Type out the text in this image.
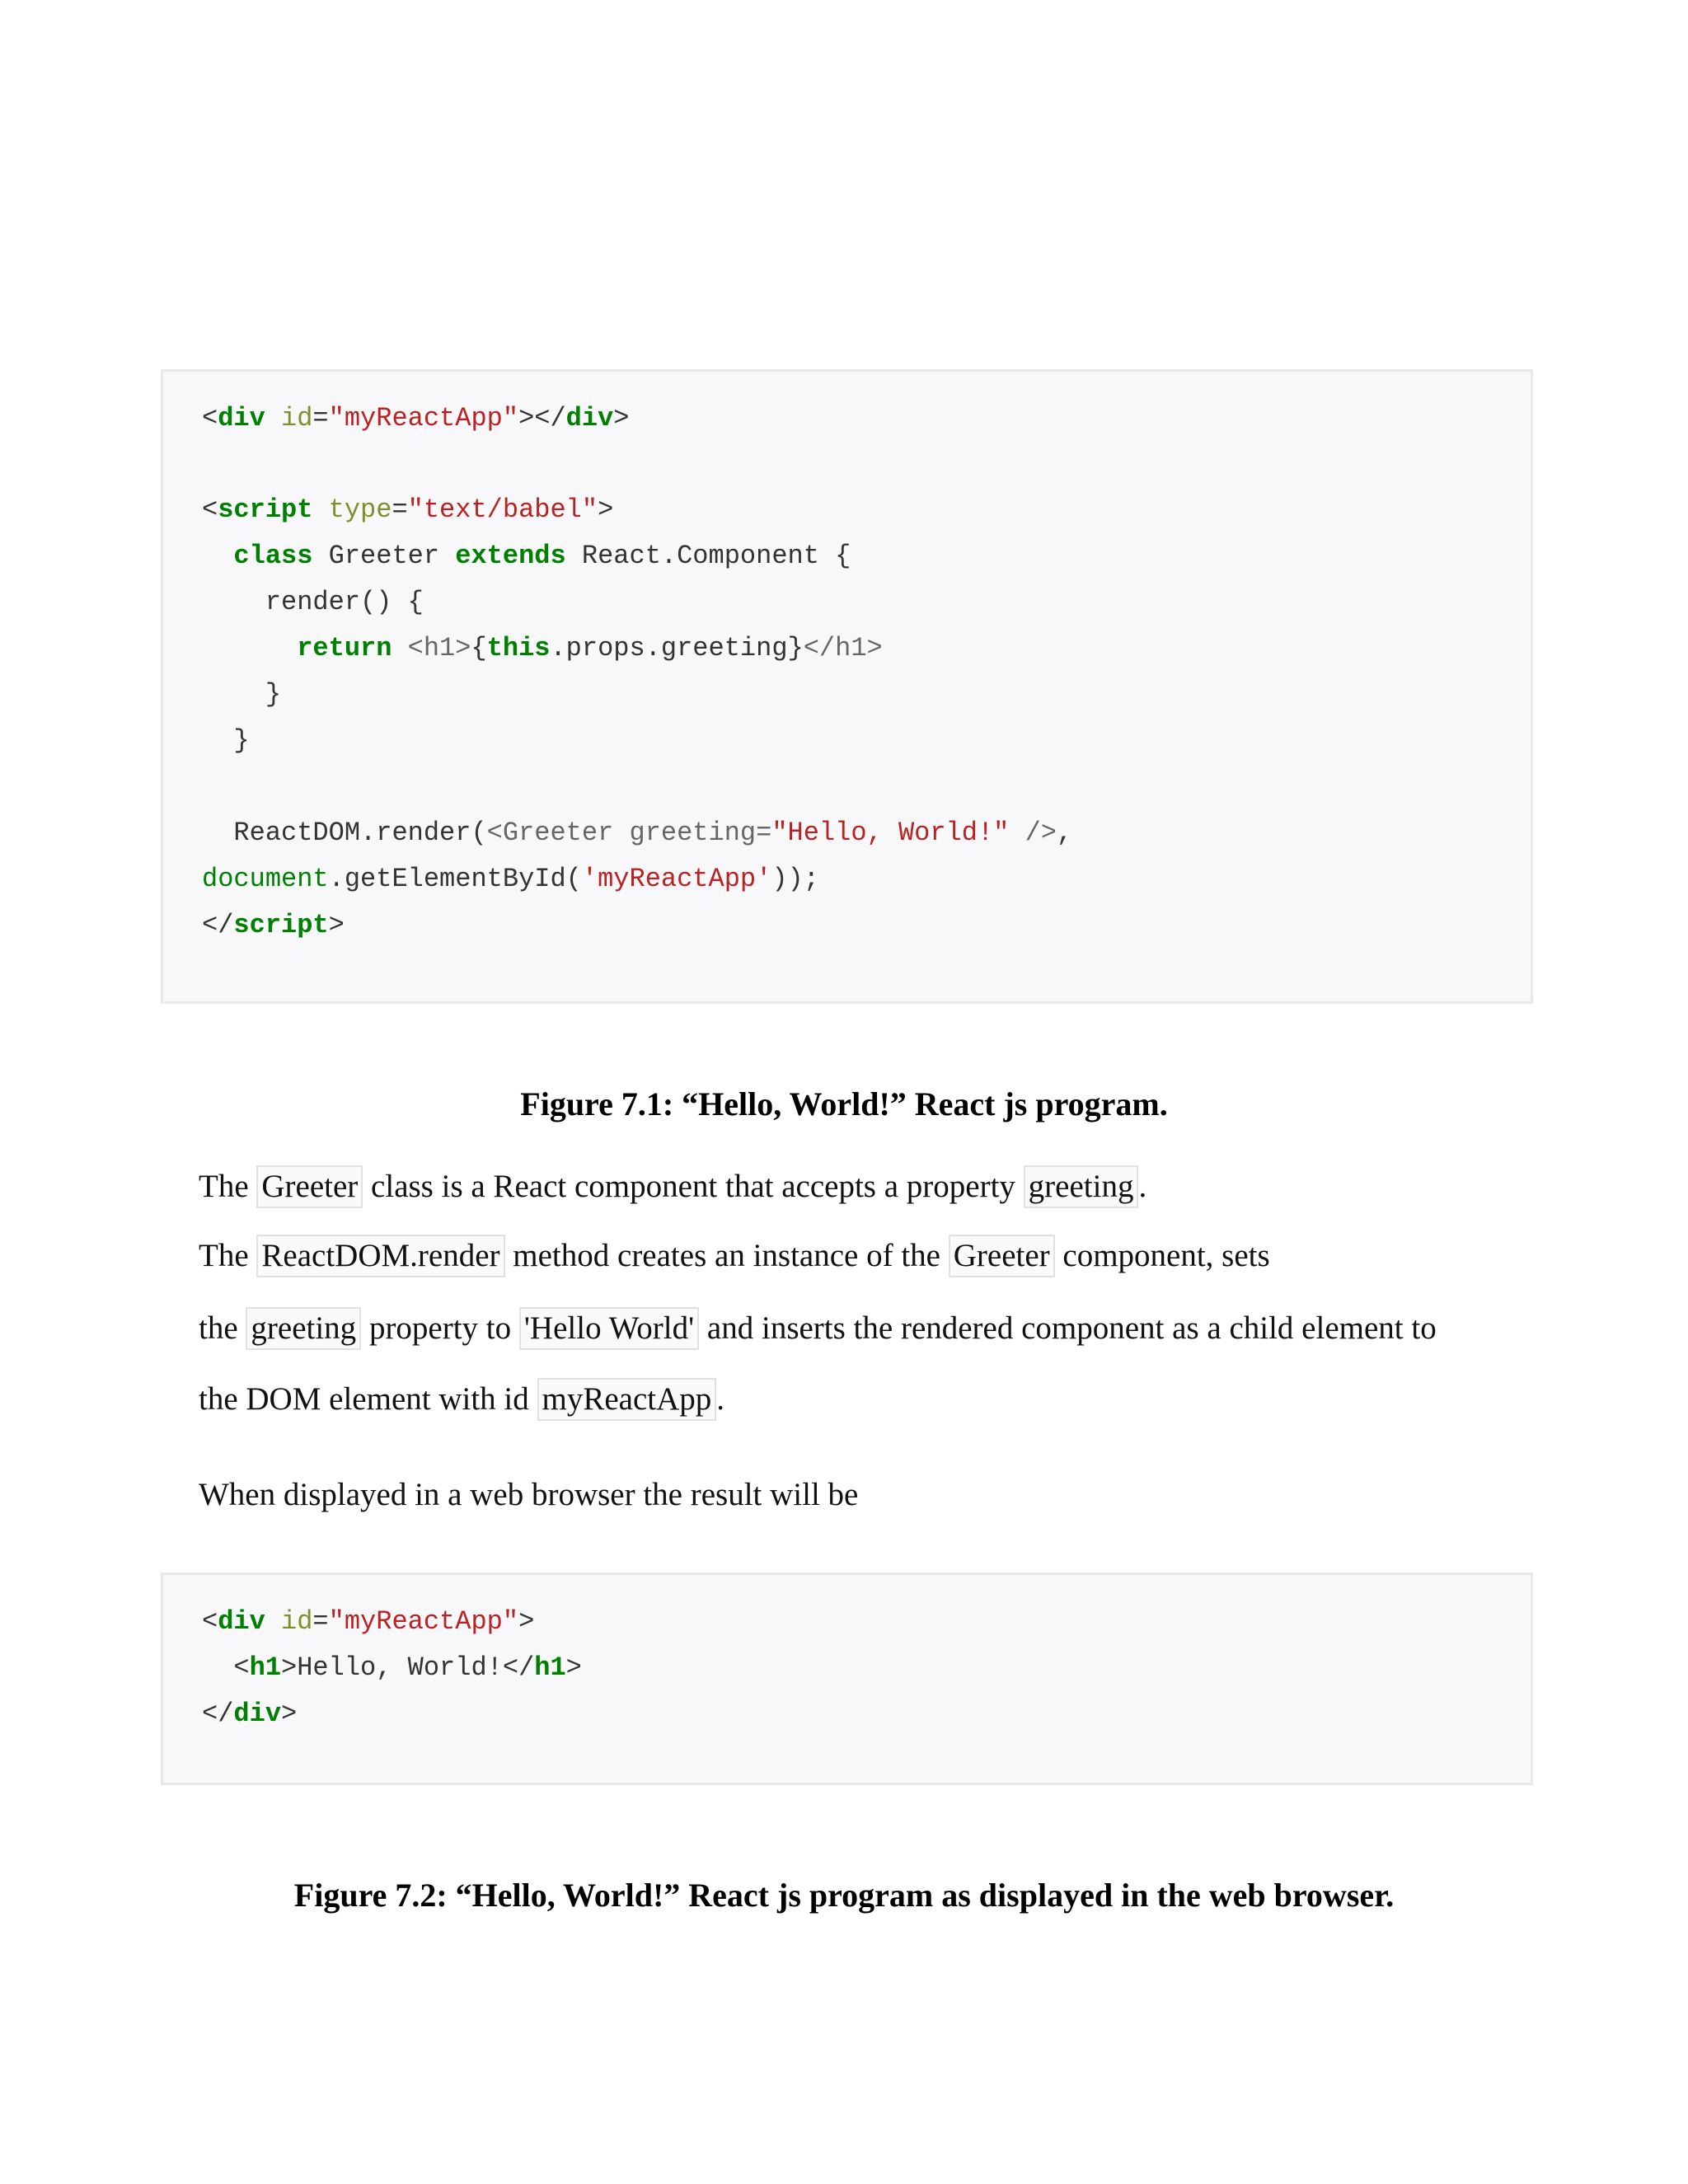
<div id="myReactApp"></div>
<script type="text/babel">
class Greeter extends React.Component {
render() {
return <h1>{this.props.greeting}</h1>
}
}
ReactDOM.render(<Greeter greeting="Hello, World!" />,
document.getElementById('myReactApp'));
</script>
Figure 7.1: “Hello, World!” React js program.
The Greeter class is a React component that accepts a property greeting .
The ReactDOM.render method creates an instance of the Greeter component, sets
the greeting property to 'Hello World' and inserts the rendered component as a child element to
the DOM element with id myReactApp .
When displayed in a web browser the result will be
<div id="myReactApp">
<h1>Hello, World!</h1>
</div>
Figure 7.2: “Hello, World!” React js program as displayed in the web browser.
